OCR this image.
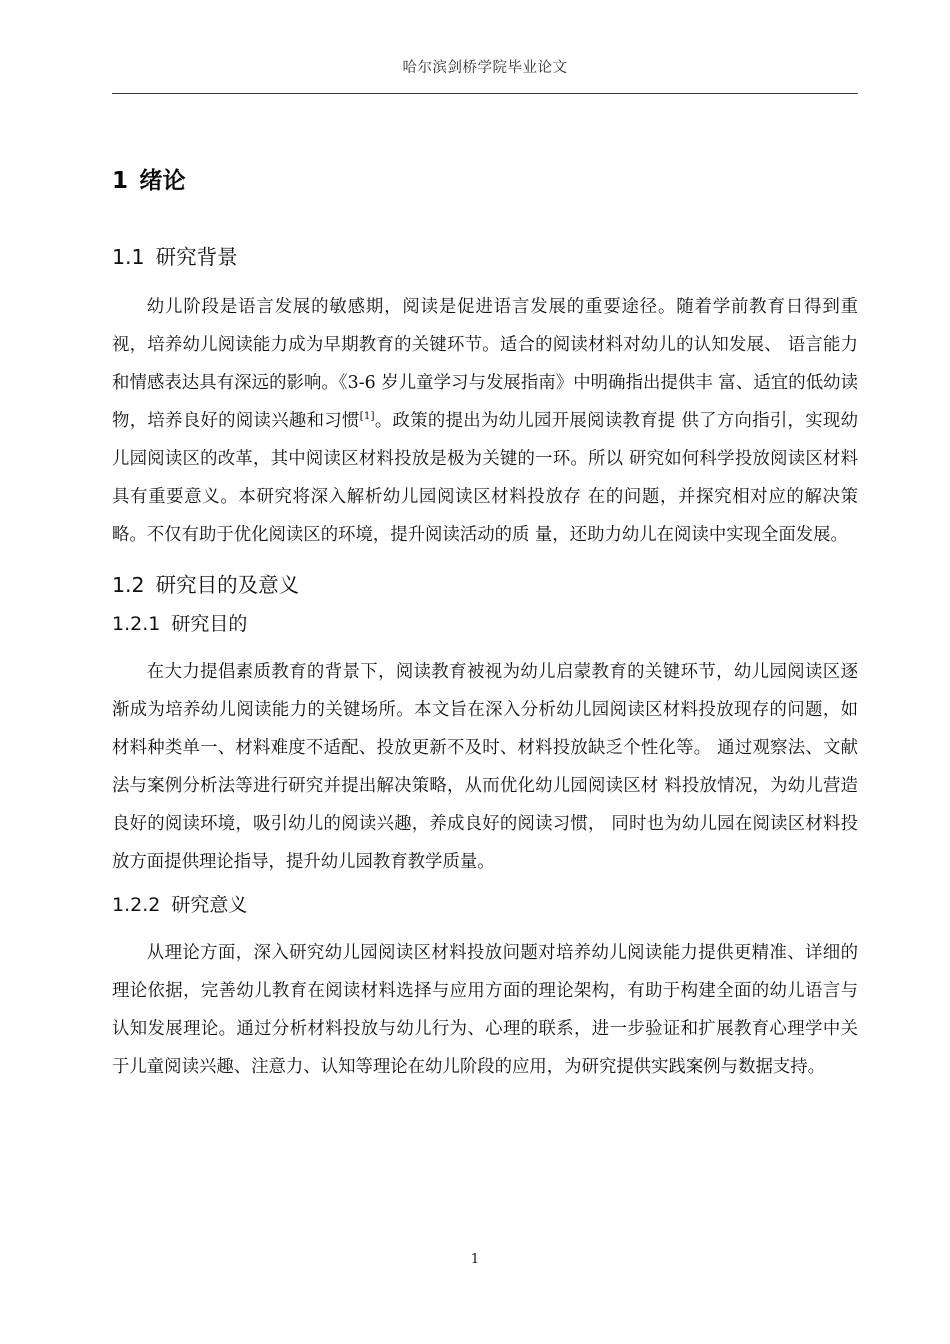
哈尔滨剑桥学院毕业论文
1 绪论
1.1 研究背景

幼儿阶段是语言发展的敏感期，阅读是促进语言发展的重要途径。随着学前教育日得到重视，培养幼儿阅读能力成为早期教育的关键环节。适合的阅读材料对幼儿的认知发展、 语言能力和情感表达具有深远的影响。《3-6 岁儿童学习与发展指南》中明确指出提供丰 富、适宜的低幼读物，培养良好的阅读兴趣和习惯[1]。政策的提出为幼儿园开展阅读教育提 供了方向指引，实现幼儿园阅读区的改革，其中阅读区材料投放是极为关键的一环。所以 研究如何科学投放阅读区材料具有重要意义。本研究将深入解析幼儿园阅读区材料投放存 在的问题，并探究相对应的解决策略。不仅有助于优化阅读区的环境，提升阅读活动的质 量，还助力幼儿在阅读中实现全面发展。

1.2 研究目的及意义
1.2.1 研究目的

在大力提倡素质教育的背景下，阅读教育被视为幼儿启蒙教育的关键环节，幼儿园阅读区逐渐成为培养幼儿阅读能力的关键场所。本文旨在深入分析幼儿园阅读区材料投放现存的问题，如材料种类单一、材料难度不适配、投放更新不及时、材料投放缺乏个性化等。 通过观察法、文献法与案例分析法等进行研究并提出解决策略，从而优化幼儿园阅读区材 料投放情况，为幼儿营造良好的阅读环境，吸引幼儿的阅读兴趣，养成良好的阅读习惯， 同时也为幼儿园在阅读区材料投放方面提供理论指导，提升幼儿园教育教学质量。

1.2.2 研究意义

从理论方面，深入研究幼儿园阅读区材料投放问题对培养幼儿阅读能力提供更精准、详细的理论依据，完善幼儿教育在阅读材料选择与应用方面的理论架构，有助于构建全面的幼儿语言与认知发展理论。通过分析材料投放与幼儿行为、心理的联系，进一步验证和扩展教育心理学中关于儿童阅读兴趣、注意力、认知等理论在幼儿阶段的应用，为研究提供实践案例与数据支持。

1
